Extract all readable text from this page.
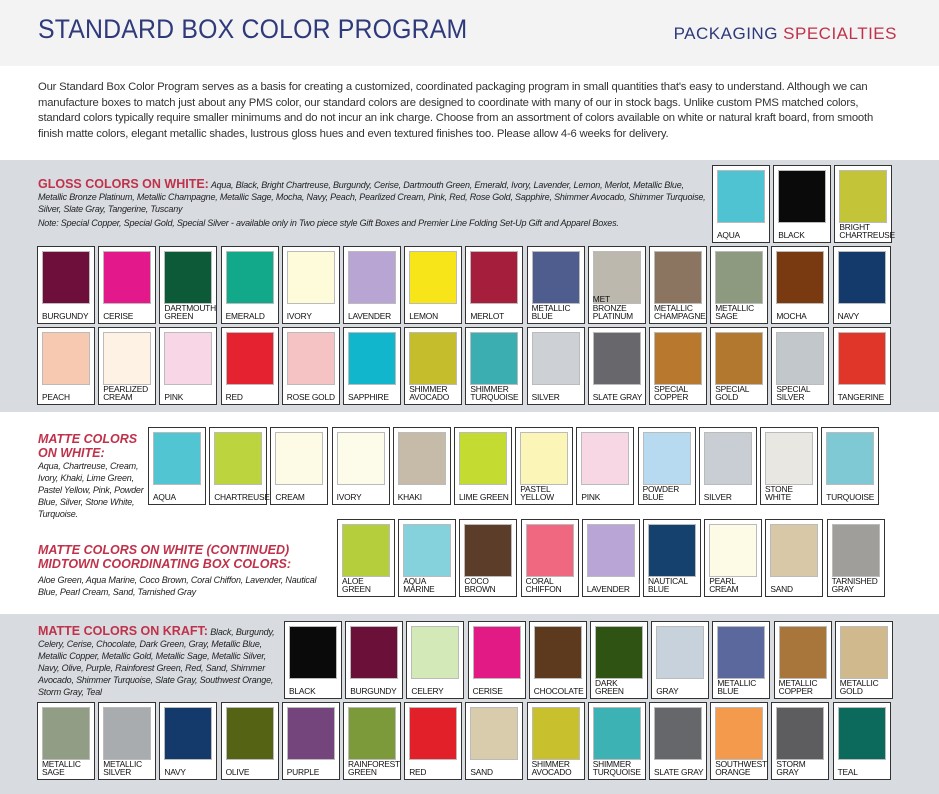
STANDARD BOX COLOR PROGRAM	PACKAGING SPECIALTIES
Our Standard Box Color Program serves as a basis for creating a customized, coordinated packaging program in small quantities that's easy to understand. Although we can manufacture boxes to match just about any PMS color, our standard colors are designed to coordinate with many of our in stock bags. Unlike custom PMS matched colors, standard colors typically require smaller minimums and do not incur an ink charge. Choose from an assortment of colors available on white or natural kraft board, from smooth finish matte colors, elegant metallic shades, lustrous gloss hues and even textured finishes too. Please allow 4-6 weeks for delivery.
GLOSS COLORS ON WHITE: Aqua, Black, Bright Chartreuse, Burgundy, Cerise, Dartmouth Green, Emerald, Ivory, Lavender, Lemon, Merlot, Metallic Blue, Metallic Bronze Platinum, Metallic Champagne, Metallic Sage, Mocha, Navy, Peach, Pearlized Cream, Pink, Red, Rose Gold, Sapphire, Shimmer Avocado, Shimmer Turquoise, Silver, Slate Gray, Tangerine, Tuscany
Note: Special Copper, Special Gold, Special Silver - available only in Two piece style Gift Boxes and Premier Line Folding Set-Up Gift and Apparel Boxes.
AQUA	BLACK
BRIGHT CHARTREUSE
BURGUNDY	CERISE
DARTMOUTH GREEN	EMERALD	IVORY	LAVENDER	LEMON	MERLOT
METALLIC BLUE
MET BRONZE PLATINUM
METALLIC CHAMPAGNE
METALLIC SAGE	MOCHA	NAVY
PEACH
PEARLIZED CREAM	PINK	RED	ROSE GOLD SAPPHIRE
SHIMMER AVOCADO
SHIMMER TURQUOISE SILVER	SLATE GRAY
SPECIAL COPPER
SPECIAL GOLD
SPECIAL SILVER	TANGERINE
MATTE COLORS ON WHITE:
Aqua, Chartreuse, Cream, Ivory, Khaki, Lime Green, Pastel Yellow, Pink, Powder Blue, Silver, Stone White, Turquoise.
MATTE COLORS ON WHITE (CONTINUED)
MIDTOWN COORDINATING BOX COLORS:
Aloe Green, Aqua Marine, Coco Brown, Coral Chiffon, Lavender, Nautical Blue, Pearl Cream, Sand, Tarnished Gray
AQUA	CHARTREUSE CREAM	IVORY	KHAKI	LIME GREEN
PASTEL YELLOW	PINK
POWDER BLUE	SILVER
STONE WHITE	TURQUOISE
ALOE GREEN
AQUA MARINE
COCO BROWN
CORAL CHIFFON	LAVENDER
NAUTICAL BLUE
PEARL CREAM	SAND
TARNISHED GRAY
MATTE COLORS ON KRAFT: Black, Burgundy, Celery, Cerise, Chocolate, Dark Green, Gray, Metallic Blue, Metallic Copper, Metallic Gold, Metallic Sage, Metallic Silver, Navy, Olive, Purple, Rainforest Green, Red, Sand, Shimmer Avocado, Shimmer Turquoise, Slate Gray, Southwest Orange, Storm Gray, Teal	BLACK	BURGUNDY	CELERY	CERISE	CHOCOLATE
DARK GREEN	GRAY
METALLIC BLUE
METALLIC COPPER
METALLIC GOLD
METALLIC SAGE
METALLIC SILVER	NAVY	OLIVE	PURPLE
RAINFOREST GREEN	RED	SAND
SHIMMER AVOCADO
SHIMMER TURQUOISE SLATE GRAY
SOUTHWEST ORANGE
STORM GRAY	TEAL
